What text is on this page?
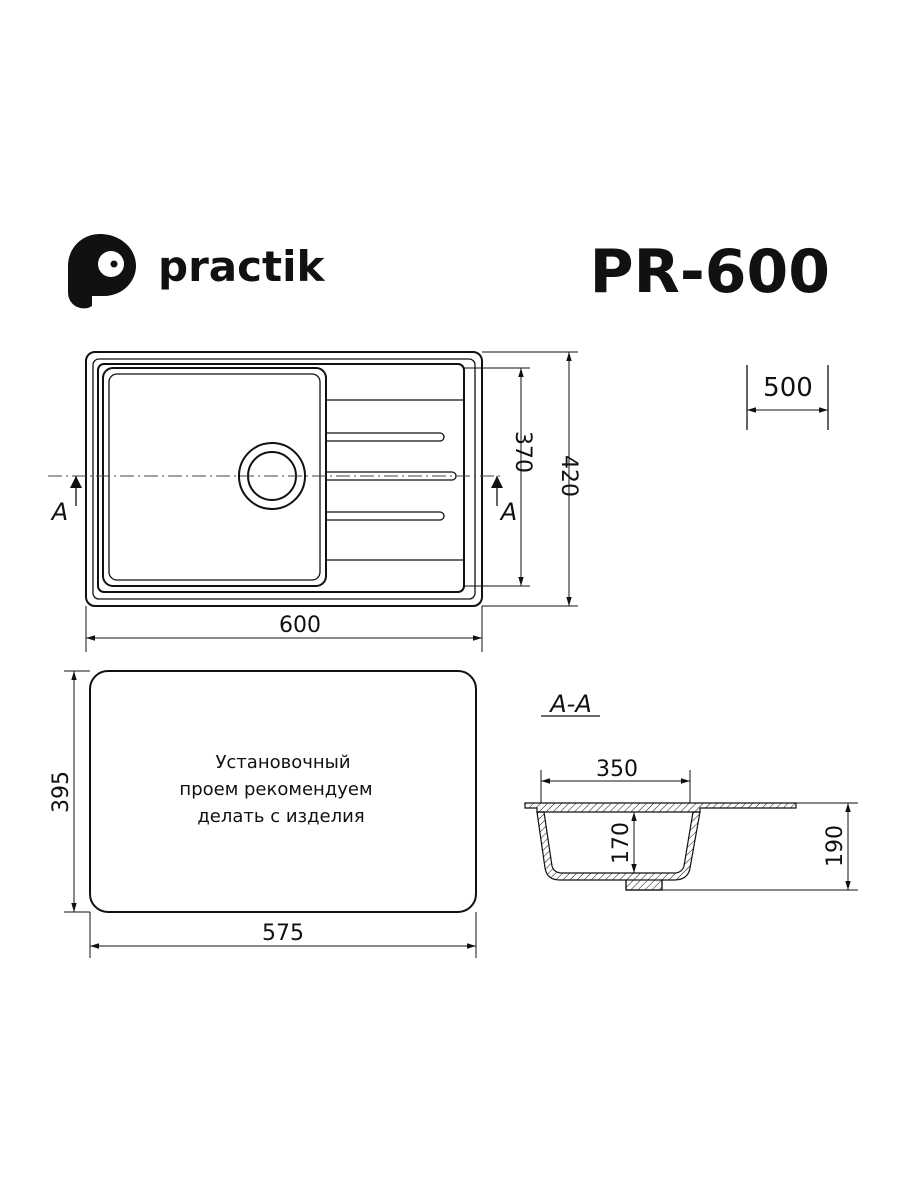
practik	PR-600
A	A
600
370
420
500
Установочный
проем рекомендуем
делать с изделия
395
575
A-A
350
170	190
